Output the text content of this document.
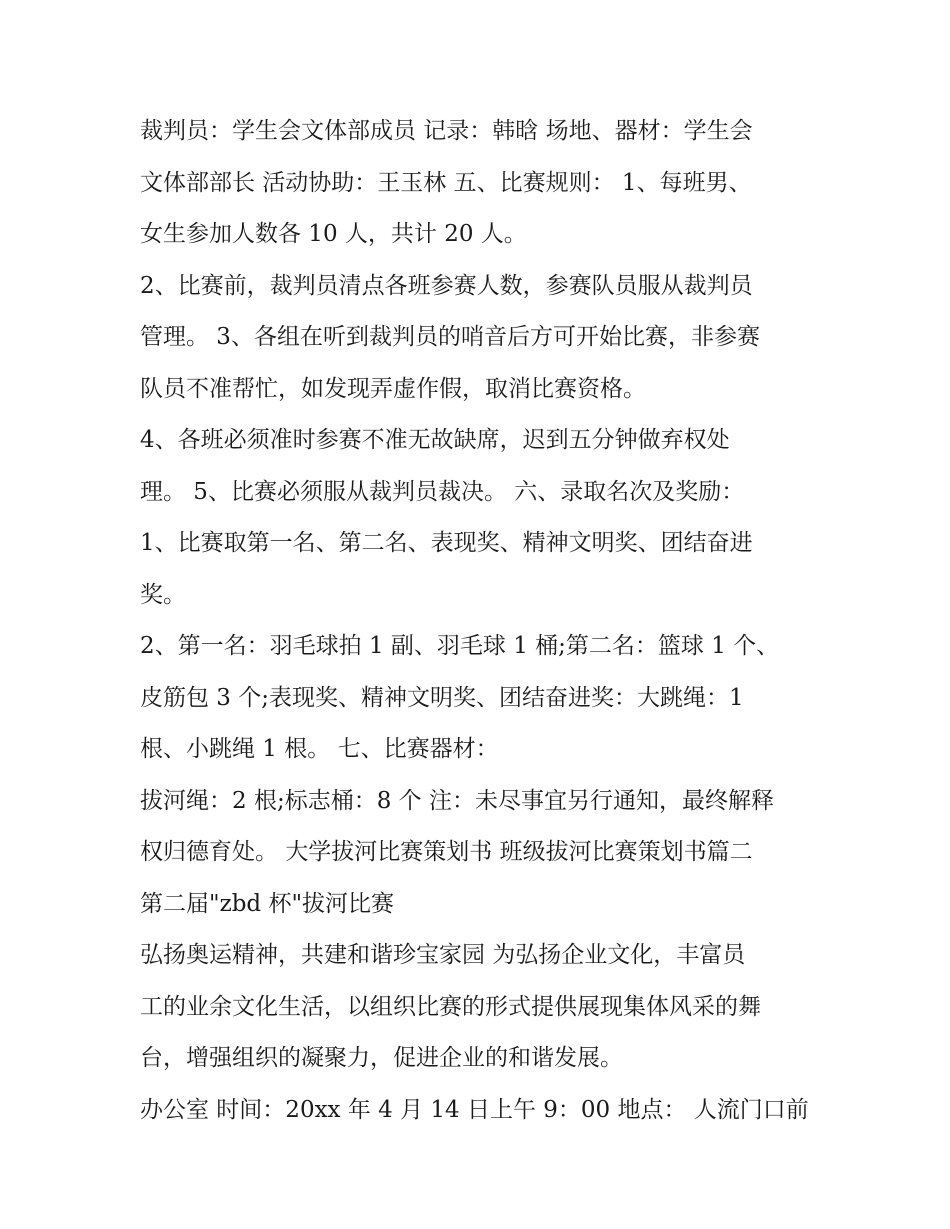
裁判员：学生会文体部成员 记录：韩晗 场地、器材：学生会
文体部部长 活动协助：王玉林 五、比赛规则： 1、每班男、
女生参加人数各 10 人，共计 20 人。
2、比赛前，裁判员清点各班参赛人数，参赛队员服从裁判员
管理。 3、各组在听到裁判员的哨音后方可开始比赛，非参赛
队员不准帮忙，如发现弄虚作假，取消比赛资格。
4、各班必须准时参赛不准无故缺席，迟到五分钟做弃权处
理。 5、比赛必须服从裁判员裁决。 六、录取名次及奖励：
1、比赛取第一名、第二名、表现奖、精神文明奖、团结奋进
奖。
2、第一名：羽毛球拍 1 副、羽毛球 1 桶;第二名：篮球 1 个、
皮筋包 3 个;表现奖、精神文明奖、团结奋进奖：大跳绳：1
根、小跳绳 1 根。 七、比赛器材：
拔河绳：2 根;标志桶：8 个 注：未尽事宜另行通知，最终解释
权归德育处。 大学拔河比赛策划书 班级拔河比赛策划书篇二
第二届"zbd 杯"拔河比赛
弘扬奥运精神，共建和谐珍宝家园 为弘扬企业文化，丰富员
工的业余文化生活，以组织比赛的形式提供展现集体风采的舞
台，增强组织的凝聚力，促进企业的和谐发展。
办公室 时间：20xx 年 4 月 14 日上午 9：00 地点： 人流门口前
